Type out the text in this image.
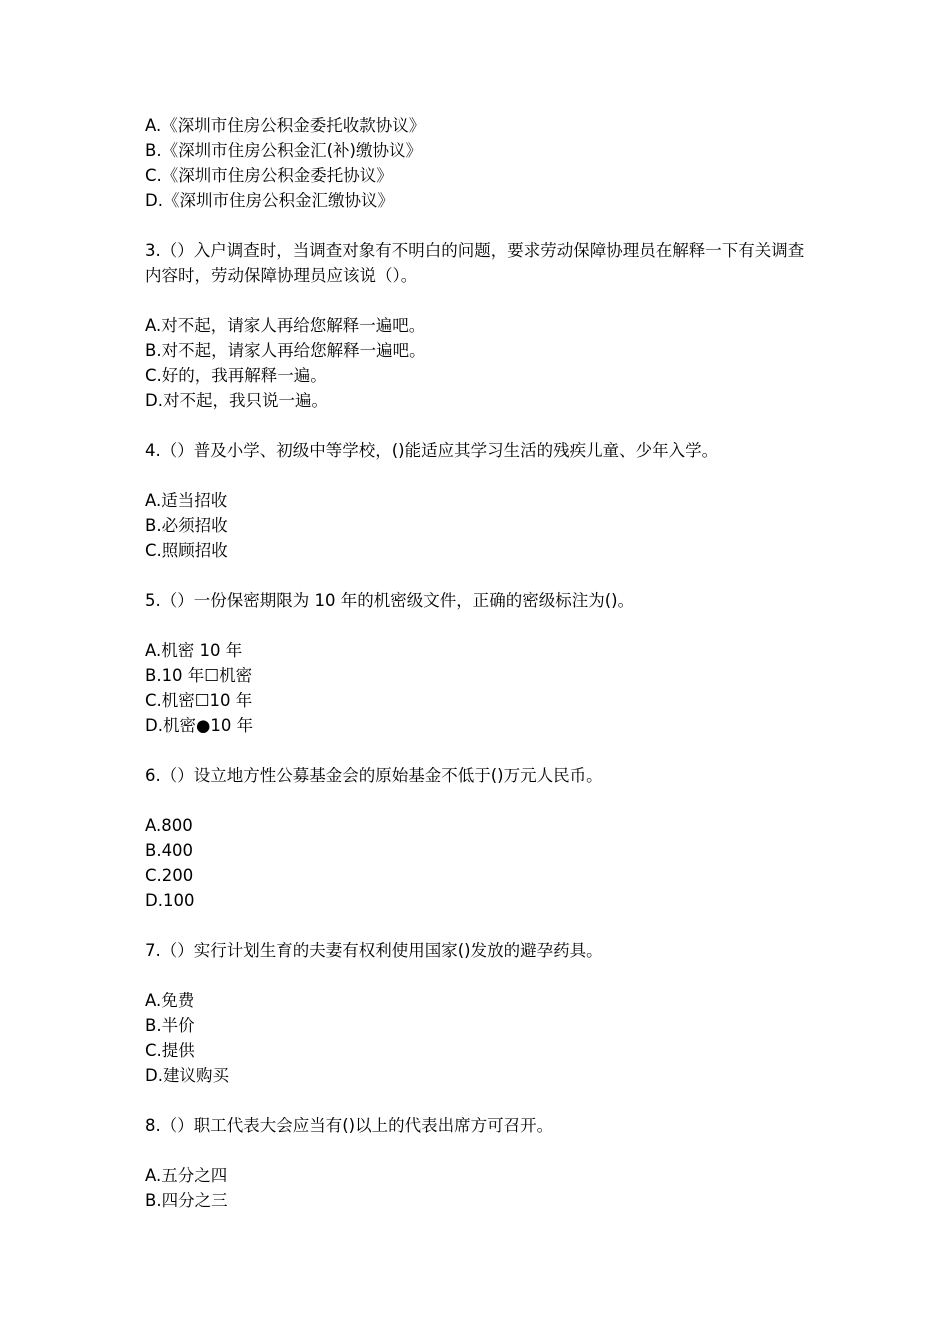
A.《深圳市住房公积金委托收款协议》
B.《深圳市住房公积金汇(补)缴协议》
C.《深圳市住房公积金委托协议》
D.《深圳市住房公积金汇缴协议》
3.（）入户调查时，当调查对象有不明白的问题，要求劳动保障协理员在解释一下有关调查内容时，劳动保障协理员应该说（）。
A.对不起，请家人再给您解释一遍吧。
B.对不起，请家人再给您解释一遍吧。
C.好的，我再解释一遍。
D.对不起，我只说一遍。
4.（）普及小学、初级中等学校，()能适应其学习生活的残疾儿童、少年入学。
A.适当招收
B.必须招收
C.照顾招收
5.（）一份保密期限为 10 年的机密级文件，正确的密级标注为()。
A.机密 10 年
B.10 年☐机密
C.机密☐10 年
D.机密●10 年
6.（）设立地方性公募基金会的原始基金不低于()万元人民币。
A.800
B.400
C.200
D.100
7.（）实行计划生育的夫妻有权利使用国家()发放的避孕药具。
A.免费
B.半价
C.提供
D.建议购买
8.（）职工代表大会应当有()以上的代表出席方可召开。
A.五分之四
B.四分之三
